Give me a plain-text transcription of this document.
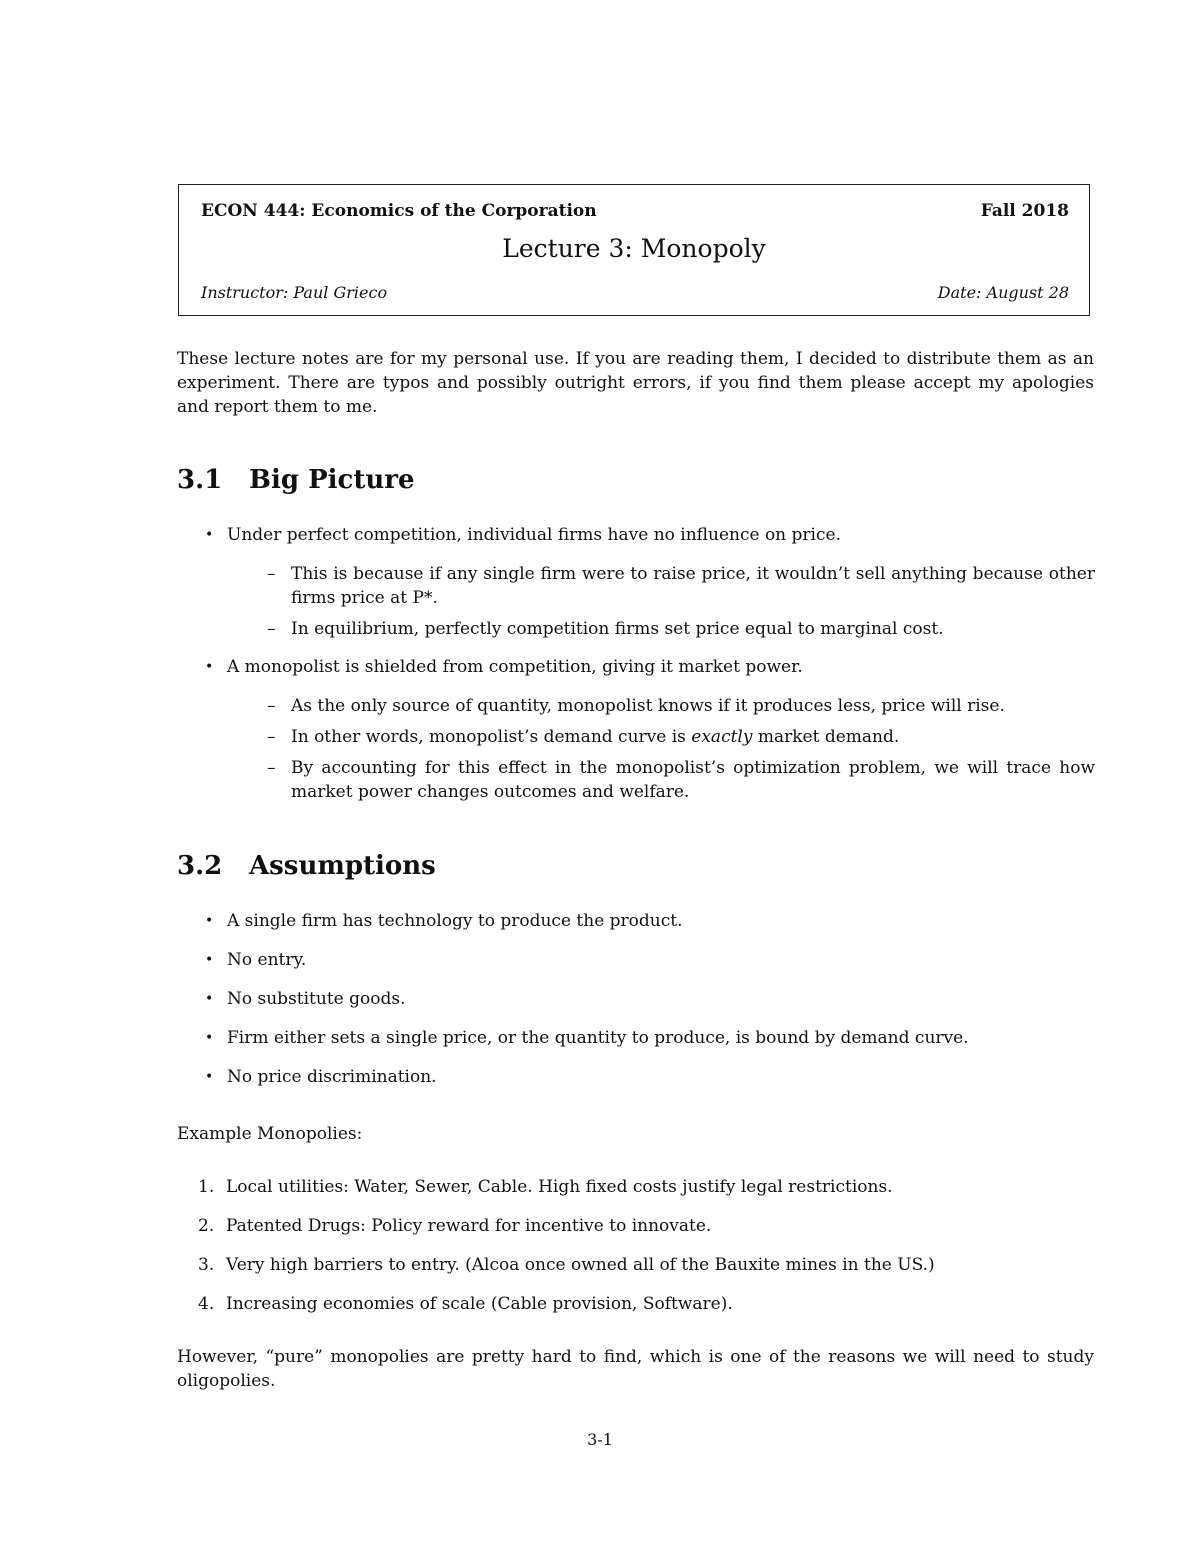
ECON 444: Economics of the Corporation	Fall 2018
Lecture 3: Monopoly
Instructor: Paul Grieco	Date: August 28

These lecture notes are for my personal use. If you are reading them, I decided to distribute them as an experiment. There are typos and possibly outright errors, if you find them please accept my apologies and report them to me.

3.1 Big Picture
• Under perfect competition, individual firms have no influence on price.
– This is because if any single firm were to raise price, it wouldn’t sell anything because other firms price at P*.
– In equilibrium, perfectly competition firms set price equal to marginal cost.
• A monopolist is shielded from competition, giving it market power.
– As the only source of quantity, monopolist knows if it produces less, price will rise.
– In other words, monopolist’s demand curve is exactly market demand.
– By accounting for this effect in the monopolist’s optimization problem, we will trace how market power changes outcomes and welfare.
3.2 Assumptions
• A single firm has technology to produce the product.
• No entry.
• No substitute goods.
• Firm either sets a single price, or the quantity to produce, is bound by demand curve.
• No price discrimination.

Example Monopolies:

1. Local utilities: Water, Sewer, Cable. High fixed costs justify legal restrictions.
2. Patented Drugs: Policy reward for incentive to innovate.
3. Very high barriers to entry. (Alcoa once owned all of the Bauxite mines in the US.)
4. Increasing economies of scale (Cable provision, Software).

However, “pure” monopolies are pretty hard to find, which is one of the reasons we will need to study oligopolies.

3-1
